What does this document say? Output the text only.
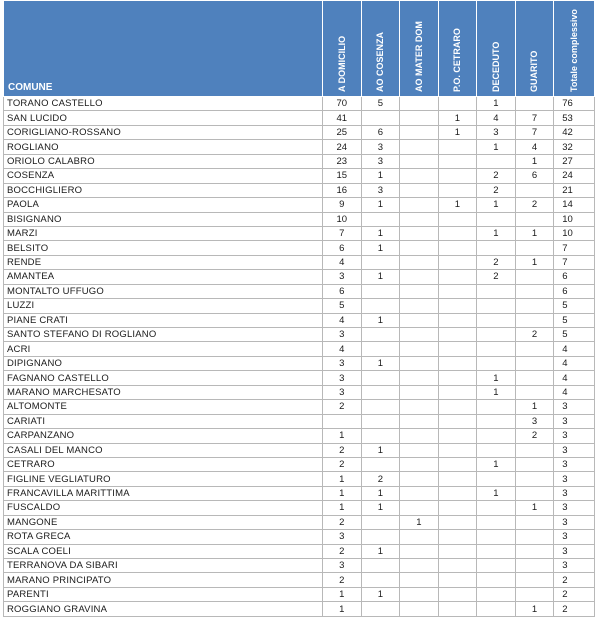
COMUNE	A DOMICILIO	AO COSENZA	AO MATER DOM	P.O. CETRARO	DECEDUTO	GUARITO	Totale complessivo

TORANO CASTELLO	70	5			1		76
SAN LUCIDO	41			1	4	7	53
CORIGLIANO-ROSSANO	25	6		1	3	7	42
ROGLIANO	24	3			1	4	32
ORIOLO CALABRO	23	3				1	27
COSENZA	15	1			2	6	24
BOCCHIGLIERO	16	3			2		21
PAOLA	9	1		1	1	2	14
BISIGNANO	10						10
MARZI	7	1			1	1	10
BELSITO	6	1					7
RENDE	4				2	1	7
AMANTEA	3	1			2		6
MONTALTO UFFUGO	6						6
LUZZI	5						5
PIANE CRATI	4	1					5
SANTO STEFANO DI ROGLIANO	3					2	5
ACRI	4						4
DIPIGNANO	3	1					4
FAGNANO CASTELLO	3				1		4
MARANO MARCHESATO	3				1		4
ALTOMONTE	2					1	3
CARIATI						3	3
CARPANZANO	1					2	3
CASALI DEL MANCO	2	1					3
CETRARO	2				1		3
FIGLINE VEGLIATURO	1	2					3
FRANCAVILLA MARITTIMA	1	1			1		3
FUSCALDO	1	1				1	3
MANGONE	2		1				3
ROTA GRECA	3						3
SCALA COELI	2	1					3
TERRANOVA DA SIBARI	3						3
MARANO PRINCIPATO	2						2
PARENTI	1	1					2
ROGGIANO GRAVINA	1					1	2
